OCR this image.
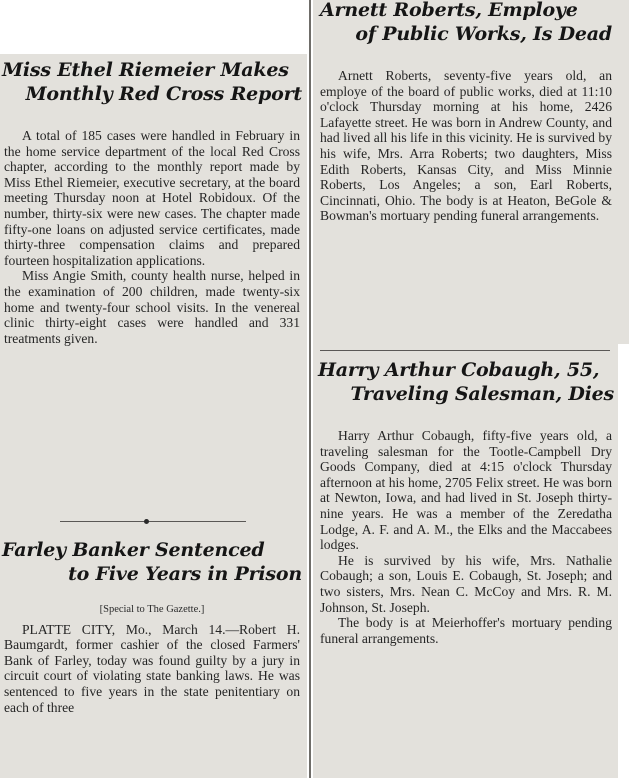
Arnett Roberts, Employe
of Public Works, Is Dead

Arnett Roberts, seventy-five years old, an employe of the board of public works, died at 11:10 o'clock Thursday morning at his home, 2426 Lafayette street. He was born in Andrew County, and had lived all his life in this vicinity. He is survived by his wife, Mrs. Arra Roberts; two daughters, Miss Edith Roberts, Kansas City, and Miss Minnie Roberts, Los Angeles; a son, Earl Roberts, Cincinnati, Ohio. The body is at Heaton, BeGole & Bowman's mortuary pending funeral arrangements.

Harry Arthur Cobaugh, 55,
Traveling Salesman, Dies

Harry Arthur Cobaugh, fifty-five years old, a traveling salesman for the Tootle-Campbell Dry Goods Company, died at 4:15 o'clock Thursday afternoon at his home, 2705 Felix street. He was born at Newton, Iowa, and had lived in St. Joseph thirty-nine years. He was a member of the Zeredatha Lodge, A. F. and A. M., the Elks and the Maccabees lodges.

He is survived by his wife, Mrs. Nathalie Cobaugh; a son, Louis E. Cobaugh, St. Joseph; and two sisters, Mrs. Nean C. McCoy and Mrs. R. M. Johnson, St. Joseph.

The body is at Meierhoffer's mortuary pending funeral arrangements.

Miss Ethel Riemeier Makes
Monthly Red Cross Report

A total of 185 cases were handled in February in the home service department of the local Red Cross chapter, according to the monthly report made by Miss Ethel Riemeier, executive secretary, at the board meeting Thursday noon at Hotel Robidoux. Of the number, thirty-six were new cases. The chapter made fifty-one loans on adjusted service certificates, made thirty-three compensation claims and prepared fourteen hospitalization applications.

Miss Angie Smith, county health nurse, helped in the examination of 200 children, made twenty-six home and twenty-four school visits. In the venereal clinic thirty-eight cases were handled and 331 treatments given.

Farley Banker Sentenced
to Five Years in Prison
[Special to The Gazette.]

PLATTE CITY, Mo., March 14.—Robert H. Baumgardt, former cashier of the closed Farmers' Bank of Farley, today was found guilty by a jury in circuit court of violating state banking laws. He was sentenced to five years in the state penitentiary on each of three
